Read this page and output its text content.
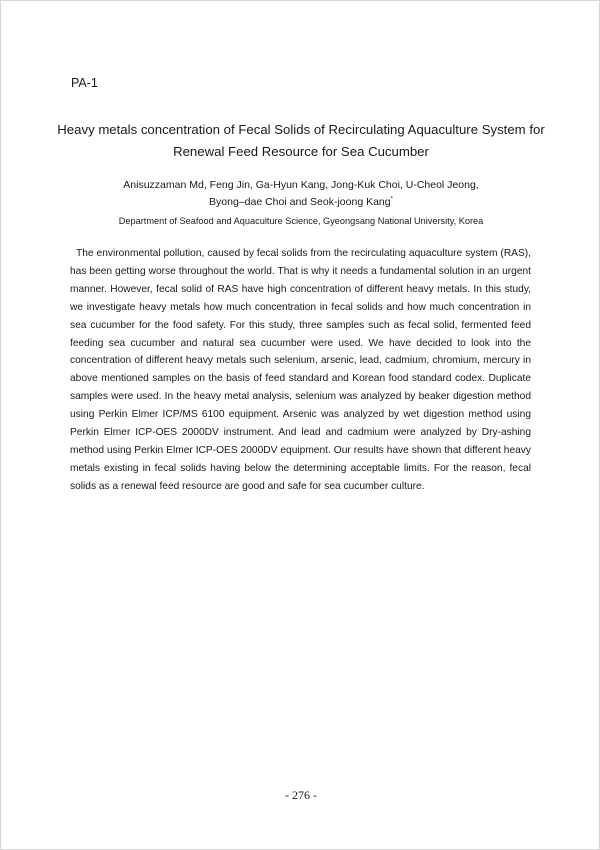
PA-1
Heavy metals concentration of Fecal Solids of Recirculating Aquaculture System for Renewal Feed Resource for Sea Cucumber
Anisuzzaman Md, Feng Jin, Ga-Hyun Kang, Jong-Kuk Choi, U-Cheol Jeong,
Byong–dae Choi and Seok-joong Kang*
Department of Seafood and Aquaculture Science, Gyeongsang National University, Korea

The environmental pollution, caused by fecal solids from the recirculating aquaculture system (RAS), has been getting worse throughout the world. That is why it needs a fundamental solution in an urgent manner. However, fecal solid of RAS have high concentration of different heavy metals. In this study, we investigate heavy metals how much concentration in fecal solids and how much concentration in sea cucumber for the food safety. For this study, three samples such as fecal solid, fermented feed feeding sea cucumber and natural sea cucumber were used. We have decided to look into the concentration of different heavy metals such selenium, arsenic, lead, cadmium, chromium, mercury in above mentioned samples on the basis of feed standard and Korean food standard codex. Duplicate samples were used. In the heavy metal analysis, selenium was analyzed by beaker digestion method using Perkin Elmer ICP/MS 6100 equipment. Arsenic was analyzed by wet digestion method using Perkin Elmer ICP-OES 2000DV instrument. And lead and cadmium were analyzed by Dry-ashing method using Perkin Elmer ICP-OES 2000DV equipment. Our results have shown that different heavy metals existing in fecal solids having below the determining acceptable limits. For the reason, fecal solids as a renewal feed resource are good and safe for sea cucumber culture.

- 276 -
